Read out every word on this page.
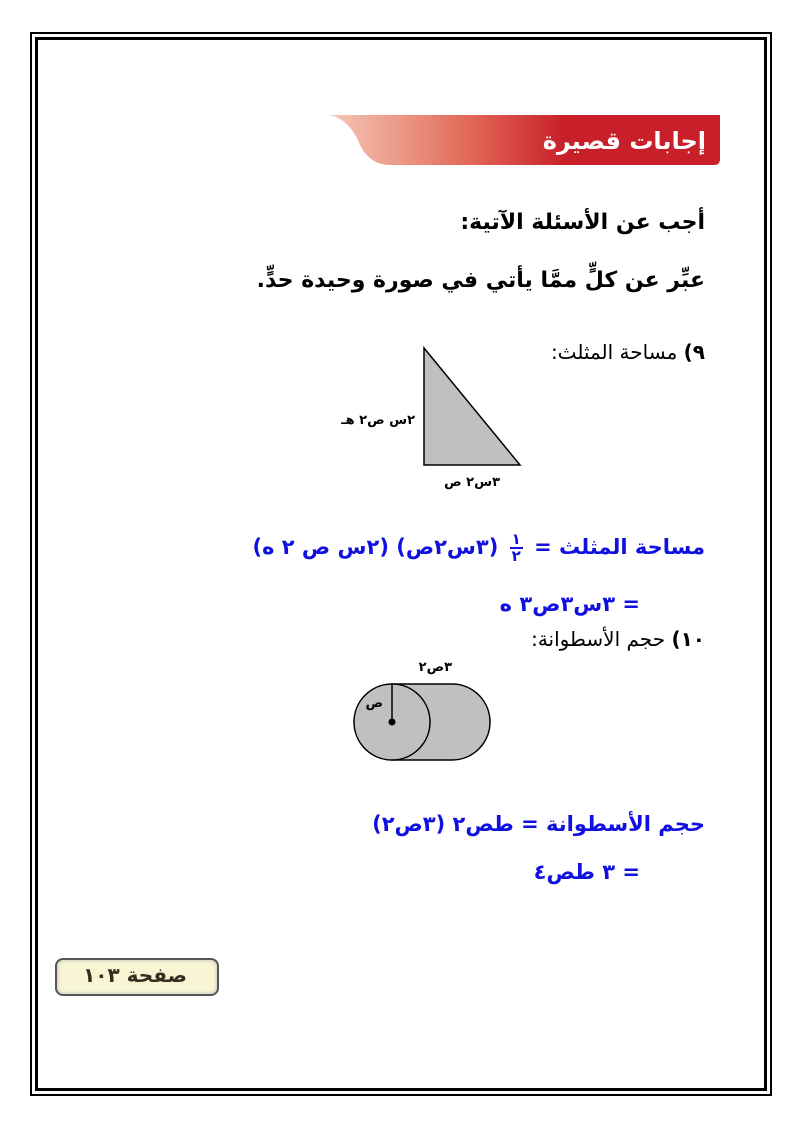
إجابات قصيرة
أجب عن الأسئلة الآتية:
عبِّر عن كلٍّ ممَّا يأتي في صورة وحيدة حدٍّ.
٩) مساحة المثلث:
٢س ص٢ هـ
٣س٢ ص
مساحة المثلث =
$\frac{١}{٢}$
(٣س٢ص) (٢س ص ٢ ه)
= ٣س٣ص٣ ه
١٠) حجم الأسطوانة:
٣ص٢
ص
حجم الأسطوانة = طص٢ (٣ص٢)
= ٣ طص٤
صفحة ١٠٣
